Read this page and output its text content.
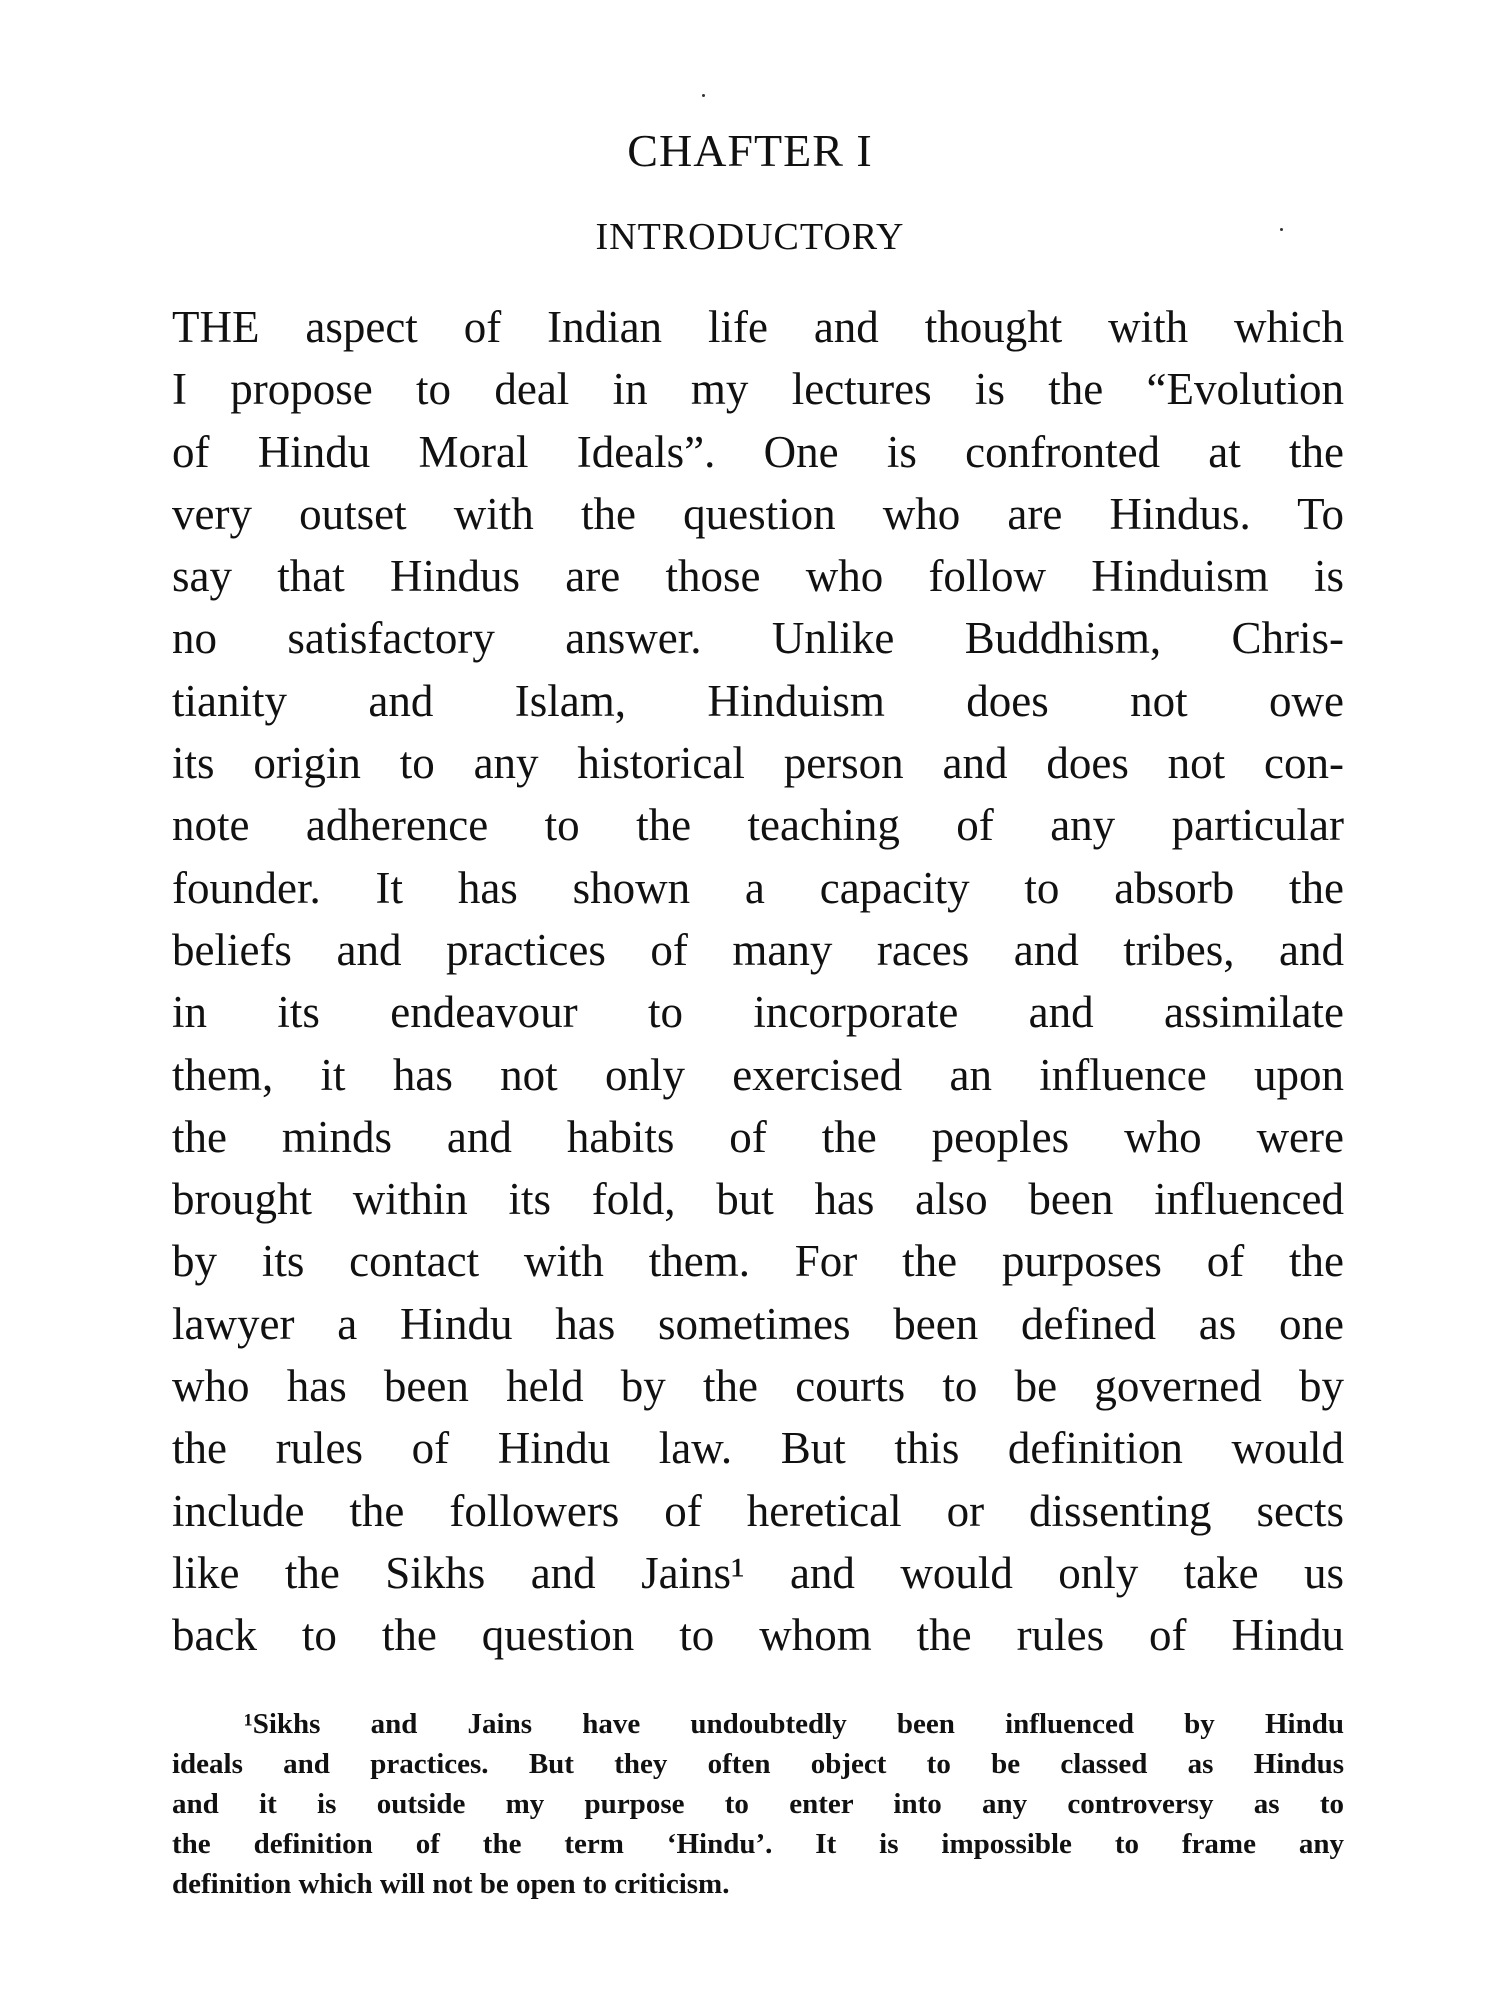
CHAFTER I
INTRODUCTORY
THE aspect of Indian life and thought with which
I propose to deal in my lectures is the “Evolution
of Hindu Moral Ideals”. One is confronted at the
very outset with the question who are Hindus. To
say that Hindus are those who follow Hinduism is
no satisfactory answer. Unlike Buddhism, Chris-
tianity and Islam, Hinduism does not owe
its origin to any historical person and does not con-
note adherence to the teaching of any particular
founder. It has shown a capacity to absorb the
beliefs and practices of many races and tribes, and
in its endeavour to incorporate and assimilate
them, it has not only exercised an influence upon
the minds and habits of the peoples who were
brought within its fold, but has also been influenced
by its contact with them. For the purposes of the
lawyer a Hindu has sometimes been defined as one
who has been held by the courts to be governed by
the rules of Hindu law. But this definition would
include the followers of heretical or dissenting sects
like the Sikhs and Jains¹ and would only take us
back to the question to whom the rules of Hindu
¹Sikhs and Jains have undoubtedly been influenced by Hindu
ideals and practices. But they often object to be classed as Hindus
and it is outside my purpose to enter into any controversy as to
the definition of the term ‘Hindu’. It is impossible to frame any
definition which will not be open to criticism.
